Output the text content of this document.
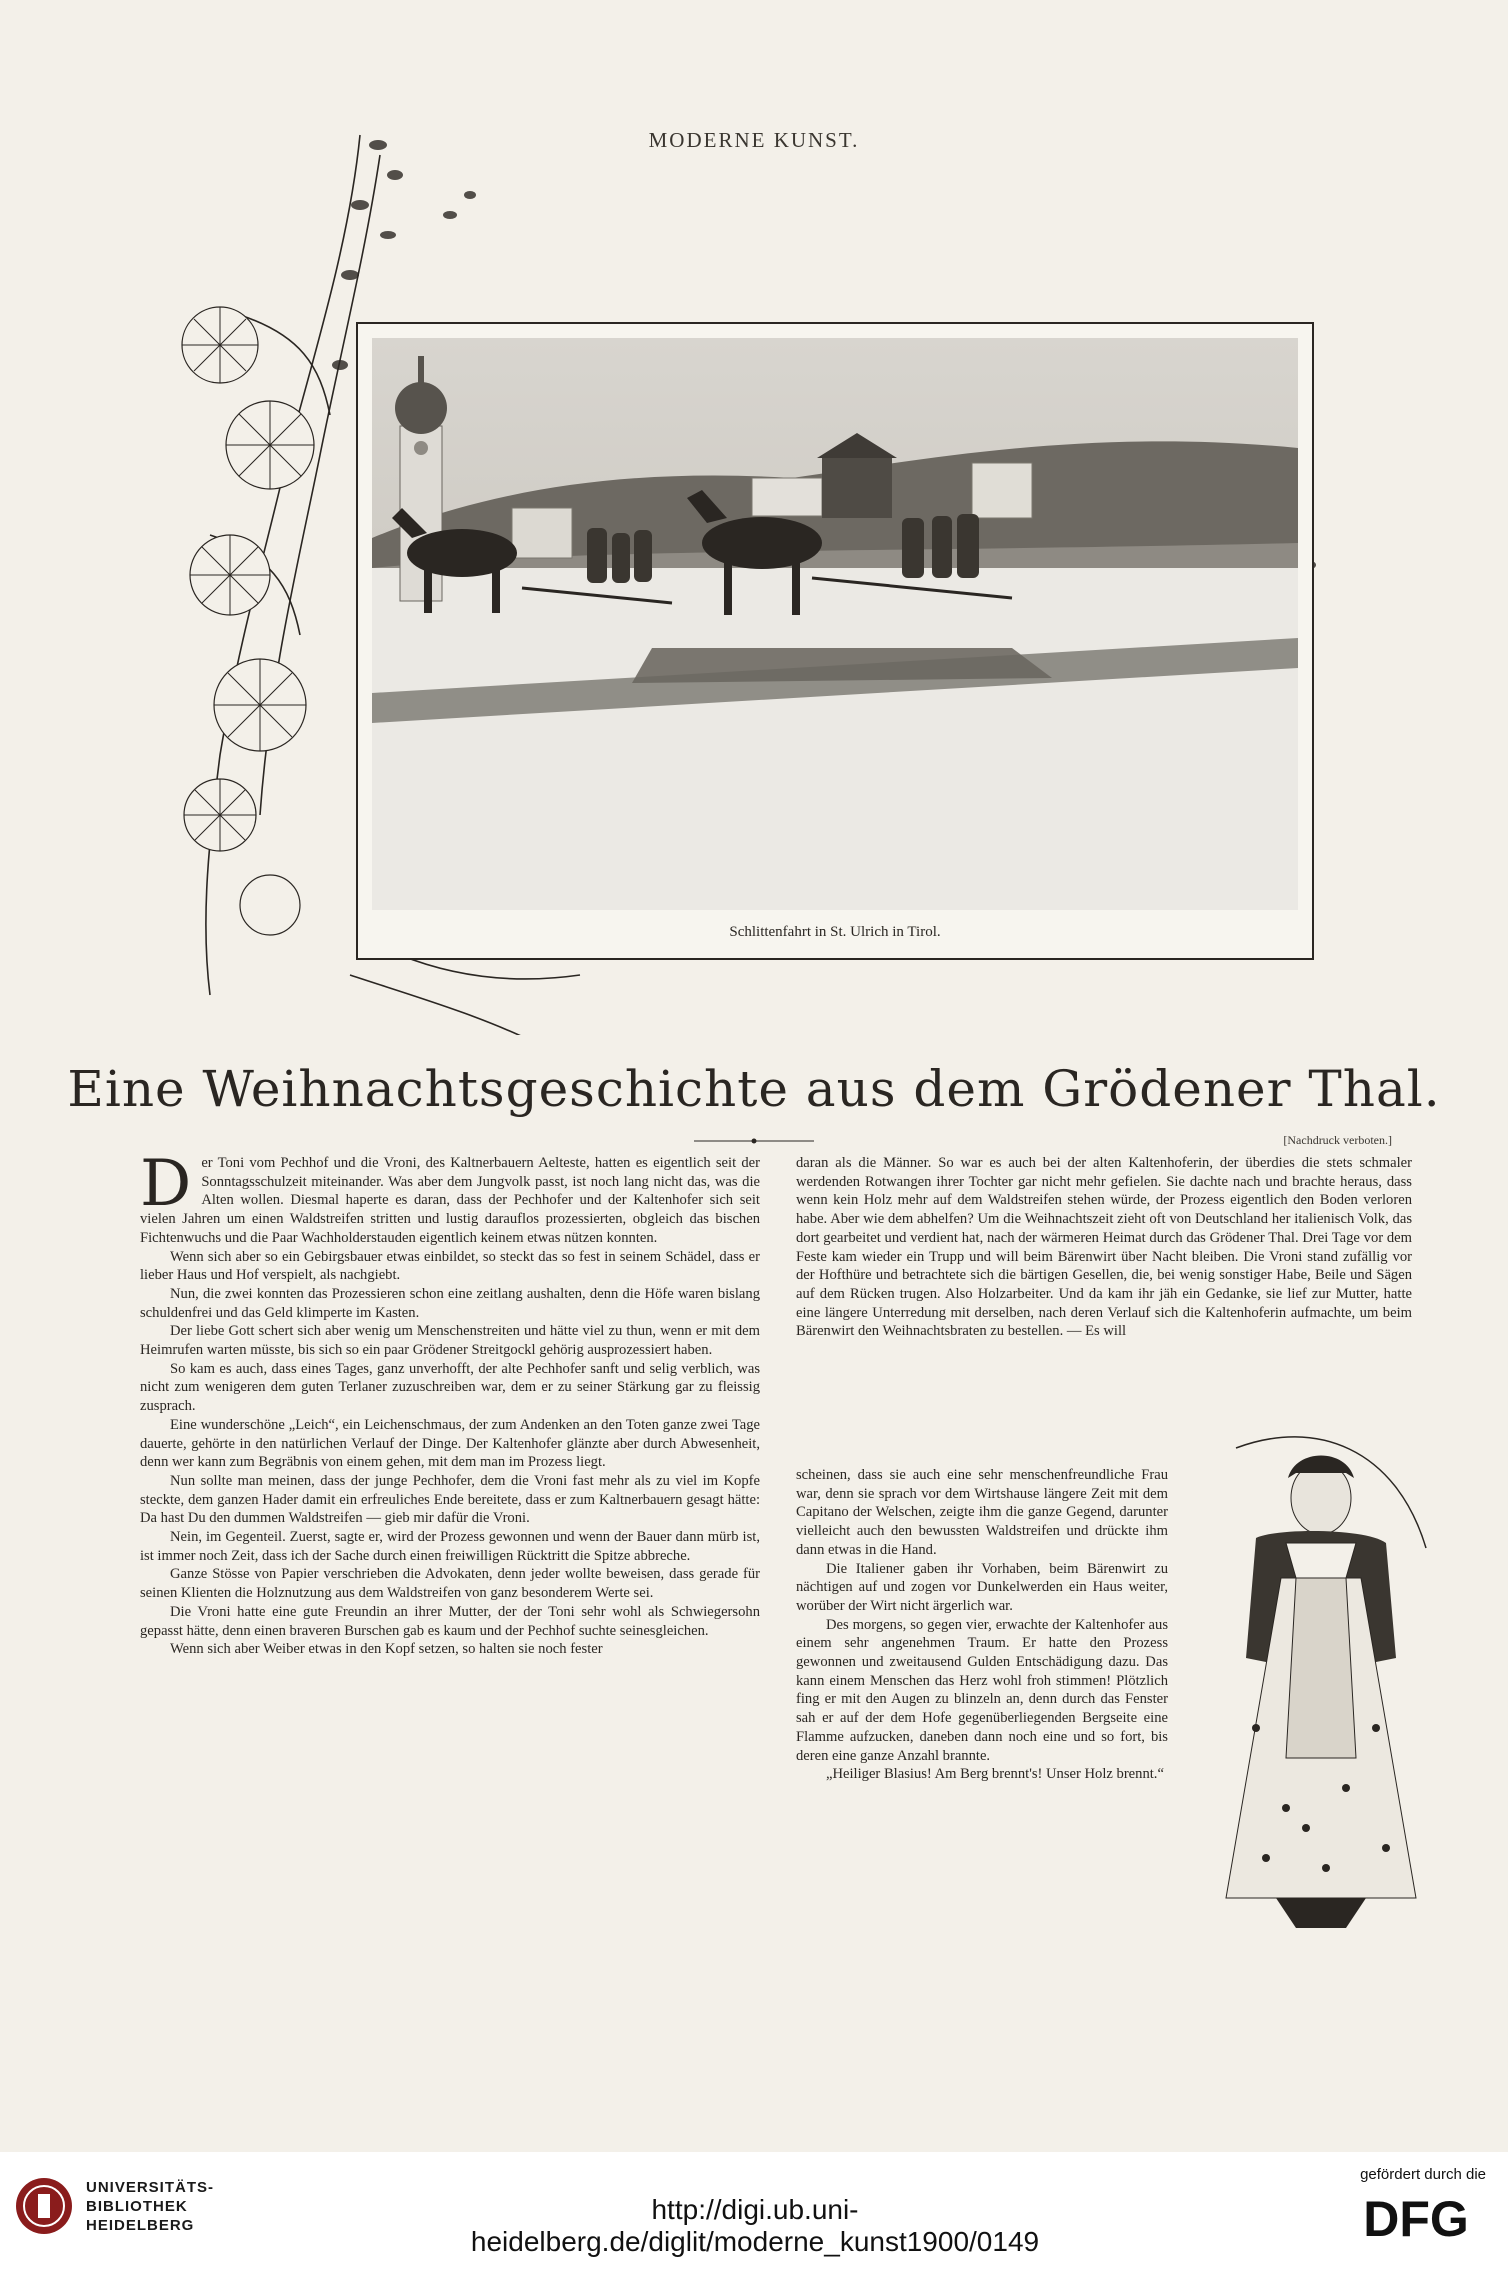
MODERNE KUNST.
Schlittenfahrt in St. Ulrich in Tirol.
Eine Weihnachtsgeschichte aus dem Grödener Thal.
[Nachdruck verboten.]

Der Toni vom Pechhof und die Vroni, des Kaltnerbauern Aelteste, hatten es eigentlich seit der Sonntagsschulzeit miteinander. Was aber dem Jungvolk passt, ist noch lang nicht das, was die Alten wollen. Diesmal haperte es daran, dass der Pechhofer und der Kaltenhofer sich seit vielen Jahren um einen Waldstreifen stritten und lustig darauflos prozessierten, obgleich das bischen Fichtenwuchs und die Paar Wachholderstauden eigentlich keinem etwas nützen konnten.

Wenn sich aber so ein Gebirgsbauer etwas einbildet, so steckt das so fest in seinem Schädel, dass er lieber Haus und Hof verspielt, als nachgiebt.

Nun, die zwei konnten das Prozessieren schon eine zeitlang aushalten, denn die Höfe waren bislang schuldenfrei und das Geld klimperte im Kasten.

Der liebe Gott schert sich aber wenig um Menschenstreiten und hätte viel zu thun, wenn er mit dem Heimrufen warten müsste, bis sich so ein paar Grödener Streitgockl gehörig ausprozessiert haben.

So kam es auch, dass eines Tages, ganz unverhofft, der alte Pechhofer sanft und selig verblich, was nicht zum wenigeren dem guten Terlaner zuzuschreiben war, dem er zu seiner Stärkung gar zu fleissig zusprach.

Eine wunderschöne „Leich“, ein Leichenschmaus, der zum Andenken an den Toten ganze zwei Tage dauerte, gehörte in den natürlichen Verlauf der Dinge. Der Kaltenhofer glänzte aber durch Abwesenheit, denn wer kann zum Begräbnis von einem gehen, mit dem man im Prozess liegt.

Nun sollte man meinen, dass der junge Pechhofer, dem die Vroni fast mehr als zu viel im Kopfe steckte, dem ganzen Hader damit ein erfreuliches Ende bereitete, dass er zum Kaltnerbauern gesagt hätte: Da hast Du den dummen Waldstreifen — gieb mir dafür die Vroni.

Nein, im Gegenteil. Zuerst, sagte er, wird der Prozess gewonnen und wenn der Bauer dann mürb ist, ist immer noch Zeit, dass ich der Sache durch einen freiwilligen Rücktritt die Spitze abbreche.

Ganze Stösse von Papier verschrieben die Advokaten, denn jeder wollte beweisen, dass gerade für seinen Klienten die Holznutzung aus dem Waldstreifen von ganz besonderem Werte sei.

Die Vroni hatte eine gute Freundin an ihrer Mutter, der der Toni sehr wohl als Schwiegersohn gepasst hätte, denn einen braveren Burschen gab es kaum und der Pechhof suchte seinesgleichen.

Wenn sich aber Weiber etwas in den Kopf setzen, so halten sie noch fester

daran als die Männer. So war es auch bei der alten Kaltenhoferin, der überdies die stets schmaler werdenden Rotwangen ihrer Tochter gar nicht mehr gefielen. Sie dachte nach und brachte heraus, dass wenn kein Holz mehr auf dem Waldstreifen stehen würde, der Prozess eigentlich den Boden verloren habe. Aber wie dem abhelfen? Um die Weihnachtszeit zieht oft von Deutschland her italienisch Volk, das dort gearbeitet und verdient hat, nach der wärmeren Heimat durch das Grödener Thal. Drei Tage vor dem Feste kam wieder ein Trupp und will beim Bärenwirt über Nacht bleiben. Die Vroni stand zufällig vor der Hofthüre und betrachtete sich die bärtigen Gesellen, die, bei wenig sonstiger Habe, Beile und Sägen auf dem Rücken trugen. Also Holzarbeiter. Und da kam ihr jäh ein Gedanke, sie lief zur Mutter, hatte eine längere Unterredung mit derselben, nach deren Verlauf sich die Kaltenhoferin aufmachte, um beim Bärenwirt den Weihnachtsbraten zu bestellen. — Es will

scheinen, dass sie auch eine sehr menschenfreundliche Frau war, denn sie sprach vor dem Wirtshause längere Zeit mit dem Capitano der Welschen, zeigte ihm die ganze Gegend, darunter vielleicht auch den bewussten Waldstreifen und drückte ihm dann etwas in die Hand.

Die Italiener gaben ihr Vorhaben, beim Bärenwirt zu nächtigen auf und zogen vor Dunkelwerden ein Haus weiter, worüber der Wirt nicht ärgerlich war.

Des morgens, so gegen vier, erwachte der Kaltenhofer aus einem sehr angenehmen Traum. Er hatte den Prozess gewonnen und zweitausend Gulden Entschädigung dazu. Das kann einem Menschen das Herz wohl froh stimmen! Plötzlich fing er mit den Augen zu blinzeln an, denn durch das Fenster sah er auf der dem Hofe gegenüberliegenden Bergseite eine Flamme aufzucken, daneben dann noch eine und so fort, bis deren eine ganze Anzahl brannte.

„Heiliger Blasius! Am Berg brennt's! Unser Holz brennt.“

UNIVERSITÄTS-
BIBLIOTHEK
HEIDELBERG
http://digi.ub.uni-heidelberg.de/diglit/moderne_kunst1900/0149
gefördert durch die
DFG
